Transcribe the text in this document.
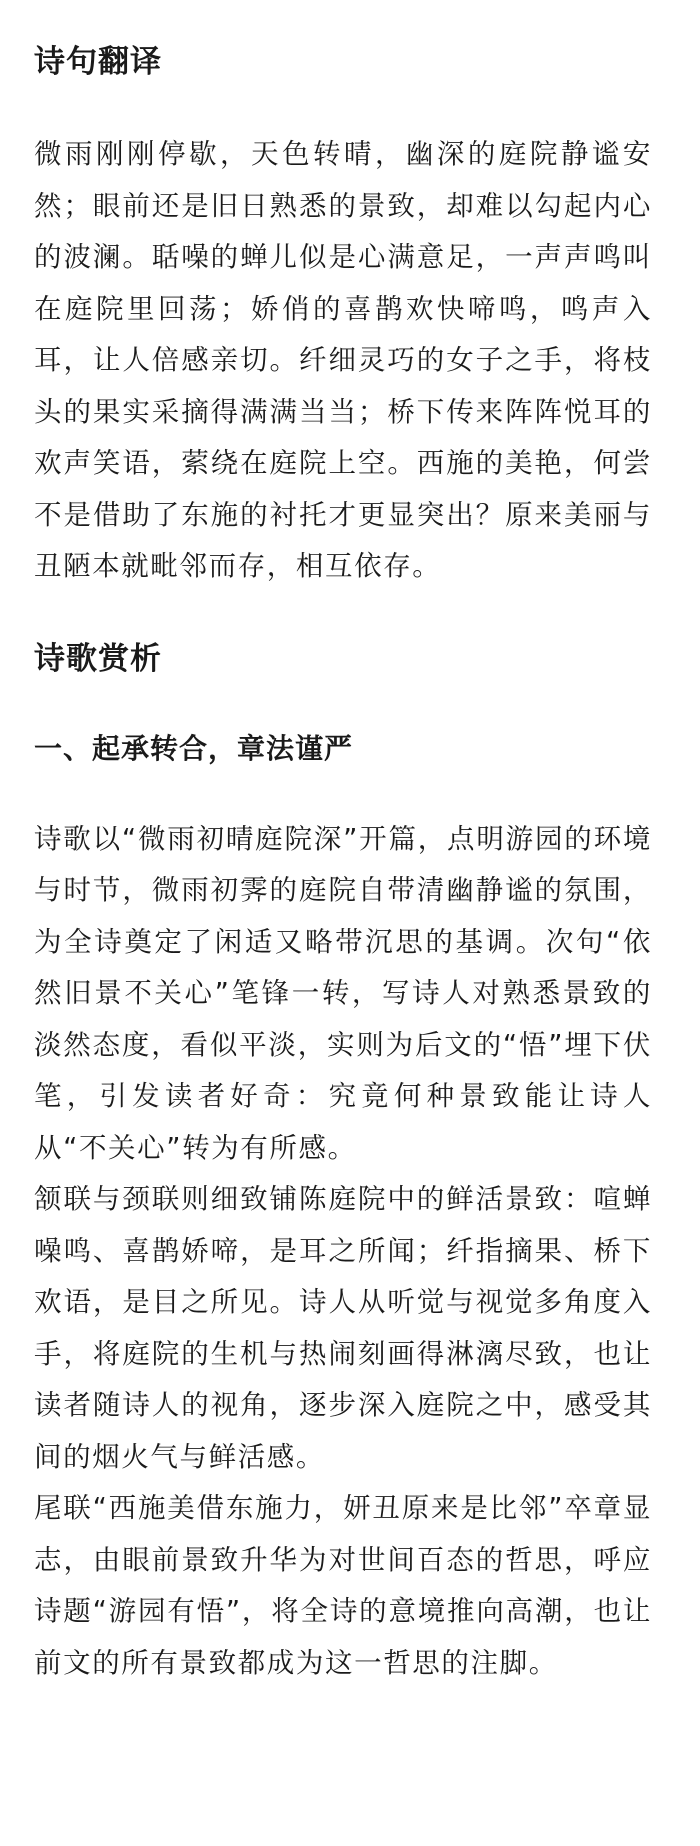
诗句翻译

微雨刚刚停歇，天色转晴，幽深的庭院静谧安然；眼前还是旧日熟悉的景致，却难以勾起内心的波澜。聒噪的蝉儿似是心满意足，一声声鸣叫在庭院里回荡；娇俏的喜鹊欢快啼鸣，鸣声入耳，让人倍感亲切。纤细灵巧的女子之手，将枝头的果实采摘得满满当当；桥下传来阵阵悦耳的欢声笑语，萦绕在庭院上空。西施的美艳，何尝不是借助了东施的衬托才更显突出？原来美丽与丑陋本就毗邻而存，相互依存。

诗歌赏析
一、起承转合，章法谨严

诗歌以“微雨初晴庭院深”开篇，点明游园的环境与时节，微雨初霁的庭院自带清幽静谧的氛围，为全诗奠定了闲适又略带沉思的基调。次句“依然旧景不关心”笔锋一转，写诗人对熟悉景致的淡然态度，看似平淡，实则为后文的“悟”埋下伏笔，引发读者好奇：究竟何种景致能让诗人从“不关心”转为有所感。

颔联与颈联则细致铺陈庭院中的鲜活景致：喧蝉噪鸣、喜鹊娇啼，是耳之所闻；纤指摘果、桥下欢语，是目之所见。诗人从听觉与视觉多角度入手，将庭院的生机与热闹刻画得淋漓尽致，也让读者随诗人的视角，逐步深入庭院之中，感受其间的烟火气与鲜活感。

尾联“西施美借东施力，妍丑原来是比邻”卒章显志，由眼前景致升华为对世间百态的哲思，呼应诗题“游园有悟”，将全诗的意境推向高潮，也让前文的所有景致都成为这一哲思的注脚。
